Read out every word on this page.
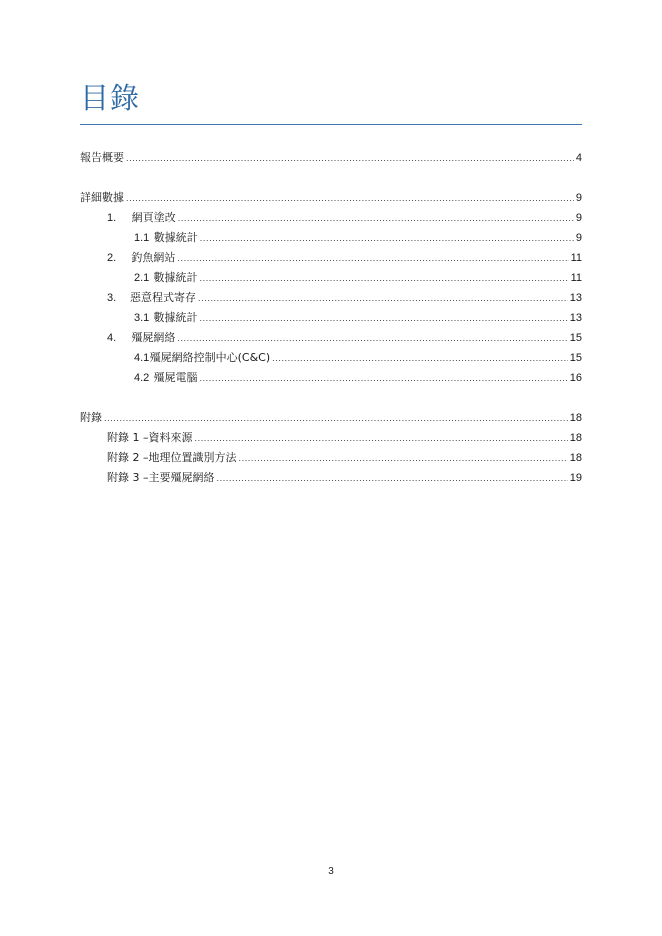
目錄
報告概要 .....	4
詳細數據 .....	9
1.	網頁塗改 .....	9
1.1 數據統計 .....	9
2.	釣魚網站 .....	11
2.1 數據統計 .....	11
3.	惡意程式寄存 .....	13
3.1 數據統計 .....	13
4.	殭屍網絡 .....	15
4.1 殭屍網絡控制中心(C&C) .....	15
4.2 殭屍電腦 .....	16
附錄 .....	18
附錄 1 –資料來源 .....	18
附錄 2 –地理位置識別方法 .....	18
附錄 3 –主要殭屍網絡 .....	19
3
